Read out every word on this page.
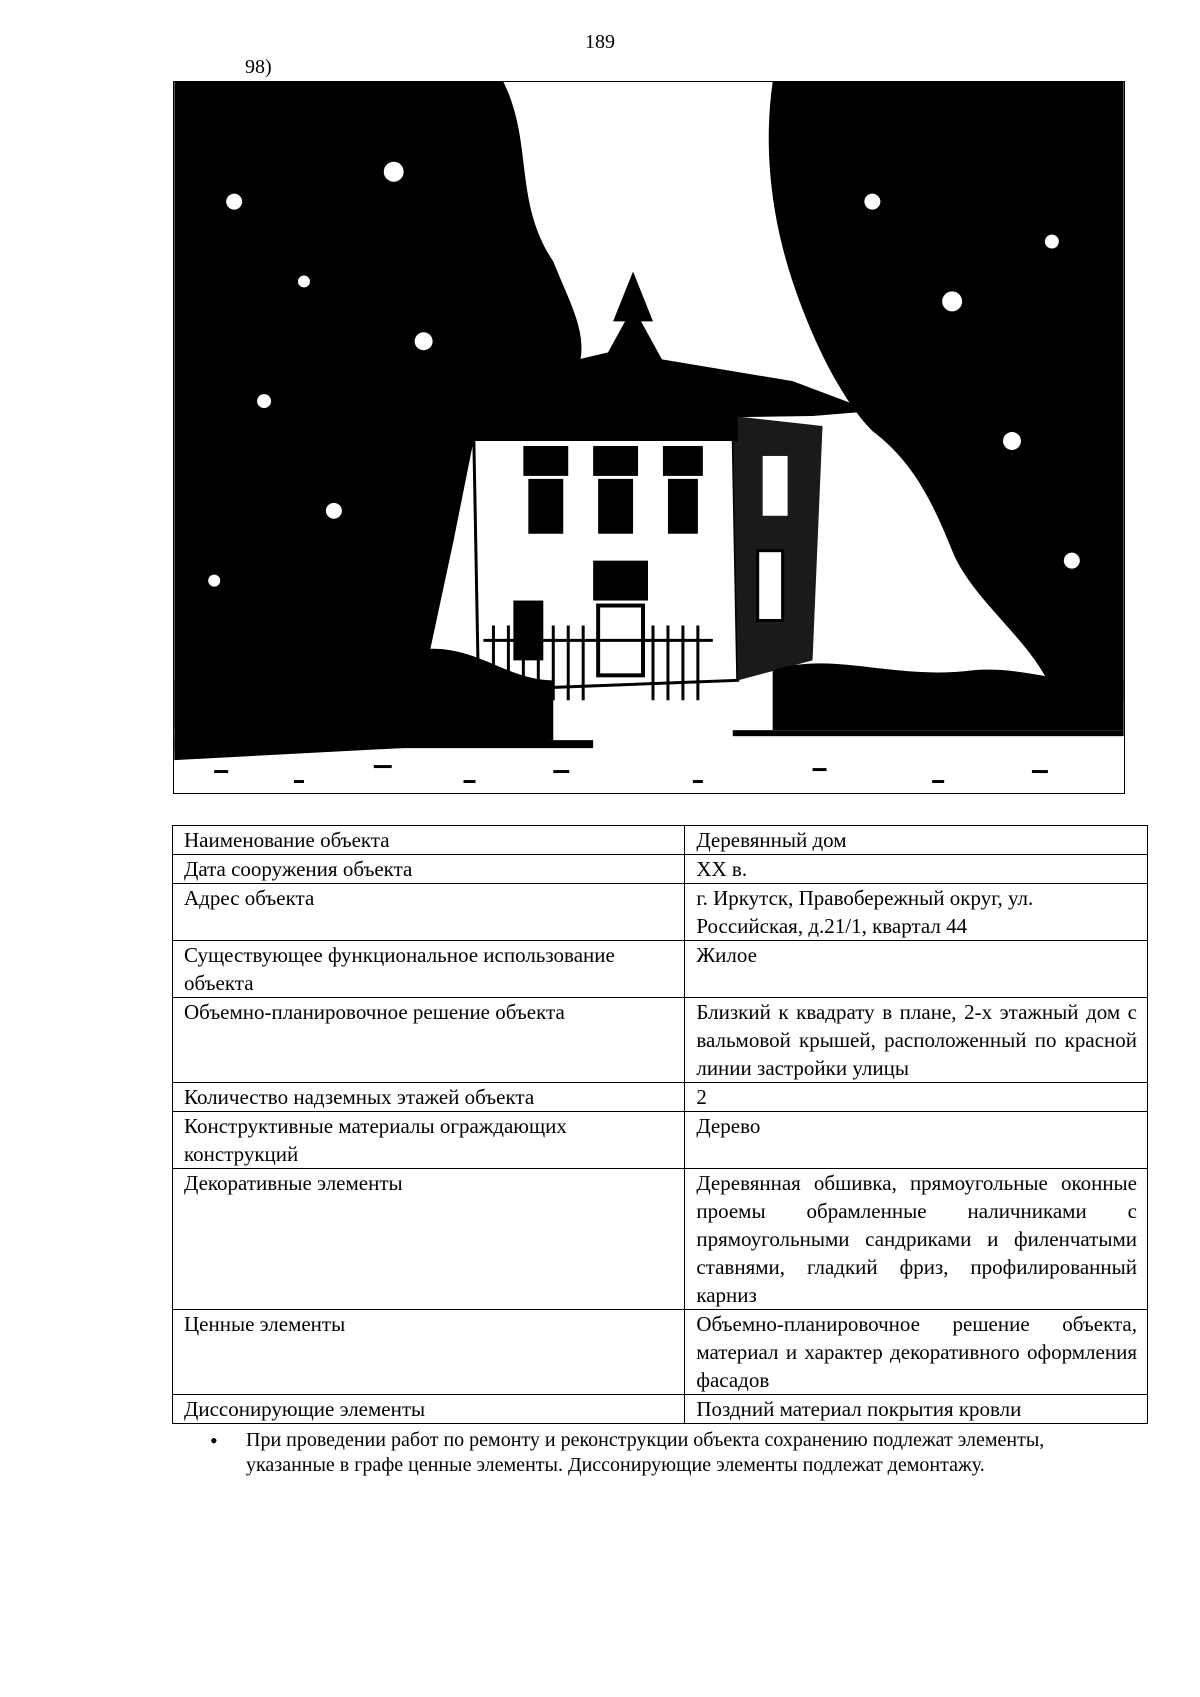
189
98)
Наименование объекта	Деревянный дом
Дата сооружения объекта	XX в.
Адрес объекта	г. Иркутск, Правобережный округ, ул. Российская, д.21/1, квартал 44
Существующее функциональное использование объекта	Жилое
Объемно-планировочное решение объекта	Близкий к квадрату в плане, 2-х этажный дом с вальмовой крышей, расположенный по красной линии застройки улицы
Количество надземных этажей объекта	2
Конструктивные материалы ограждающих конструкций	Дерево
Декоративные элементы	Деревянная обшивка, прямоугольные оконные проемы обрамленные наличниками с прямоугольными сандриками и филенчатыми ставнями, гладкий фриз, профилированный карниз
Ценные элементы	Объемно-планировочное решение объекта, материал и характер декоративного оформления фасадов
Диссонирующие элементы	Поздний материал покрытия кровли
• При проведении работ по ремонту и реконструкции объекта сохранению подлежат элементы, указанные в графе ценные элементы. Диссонирующие элементы подлежат демонтажу.
